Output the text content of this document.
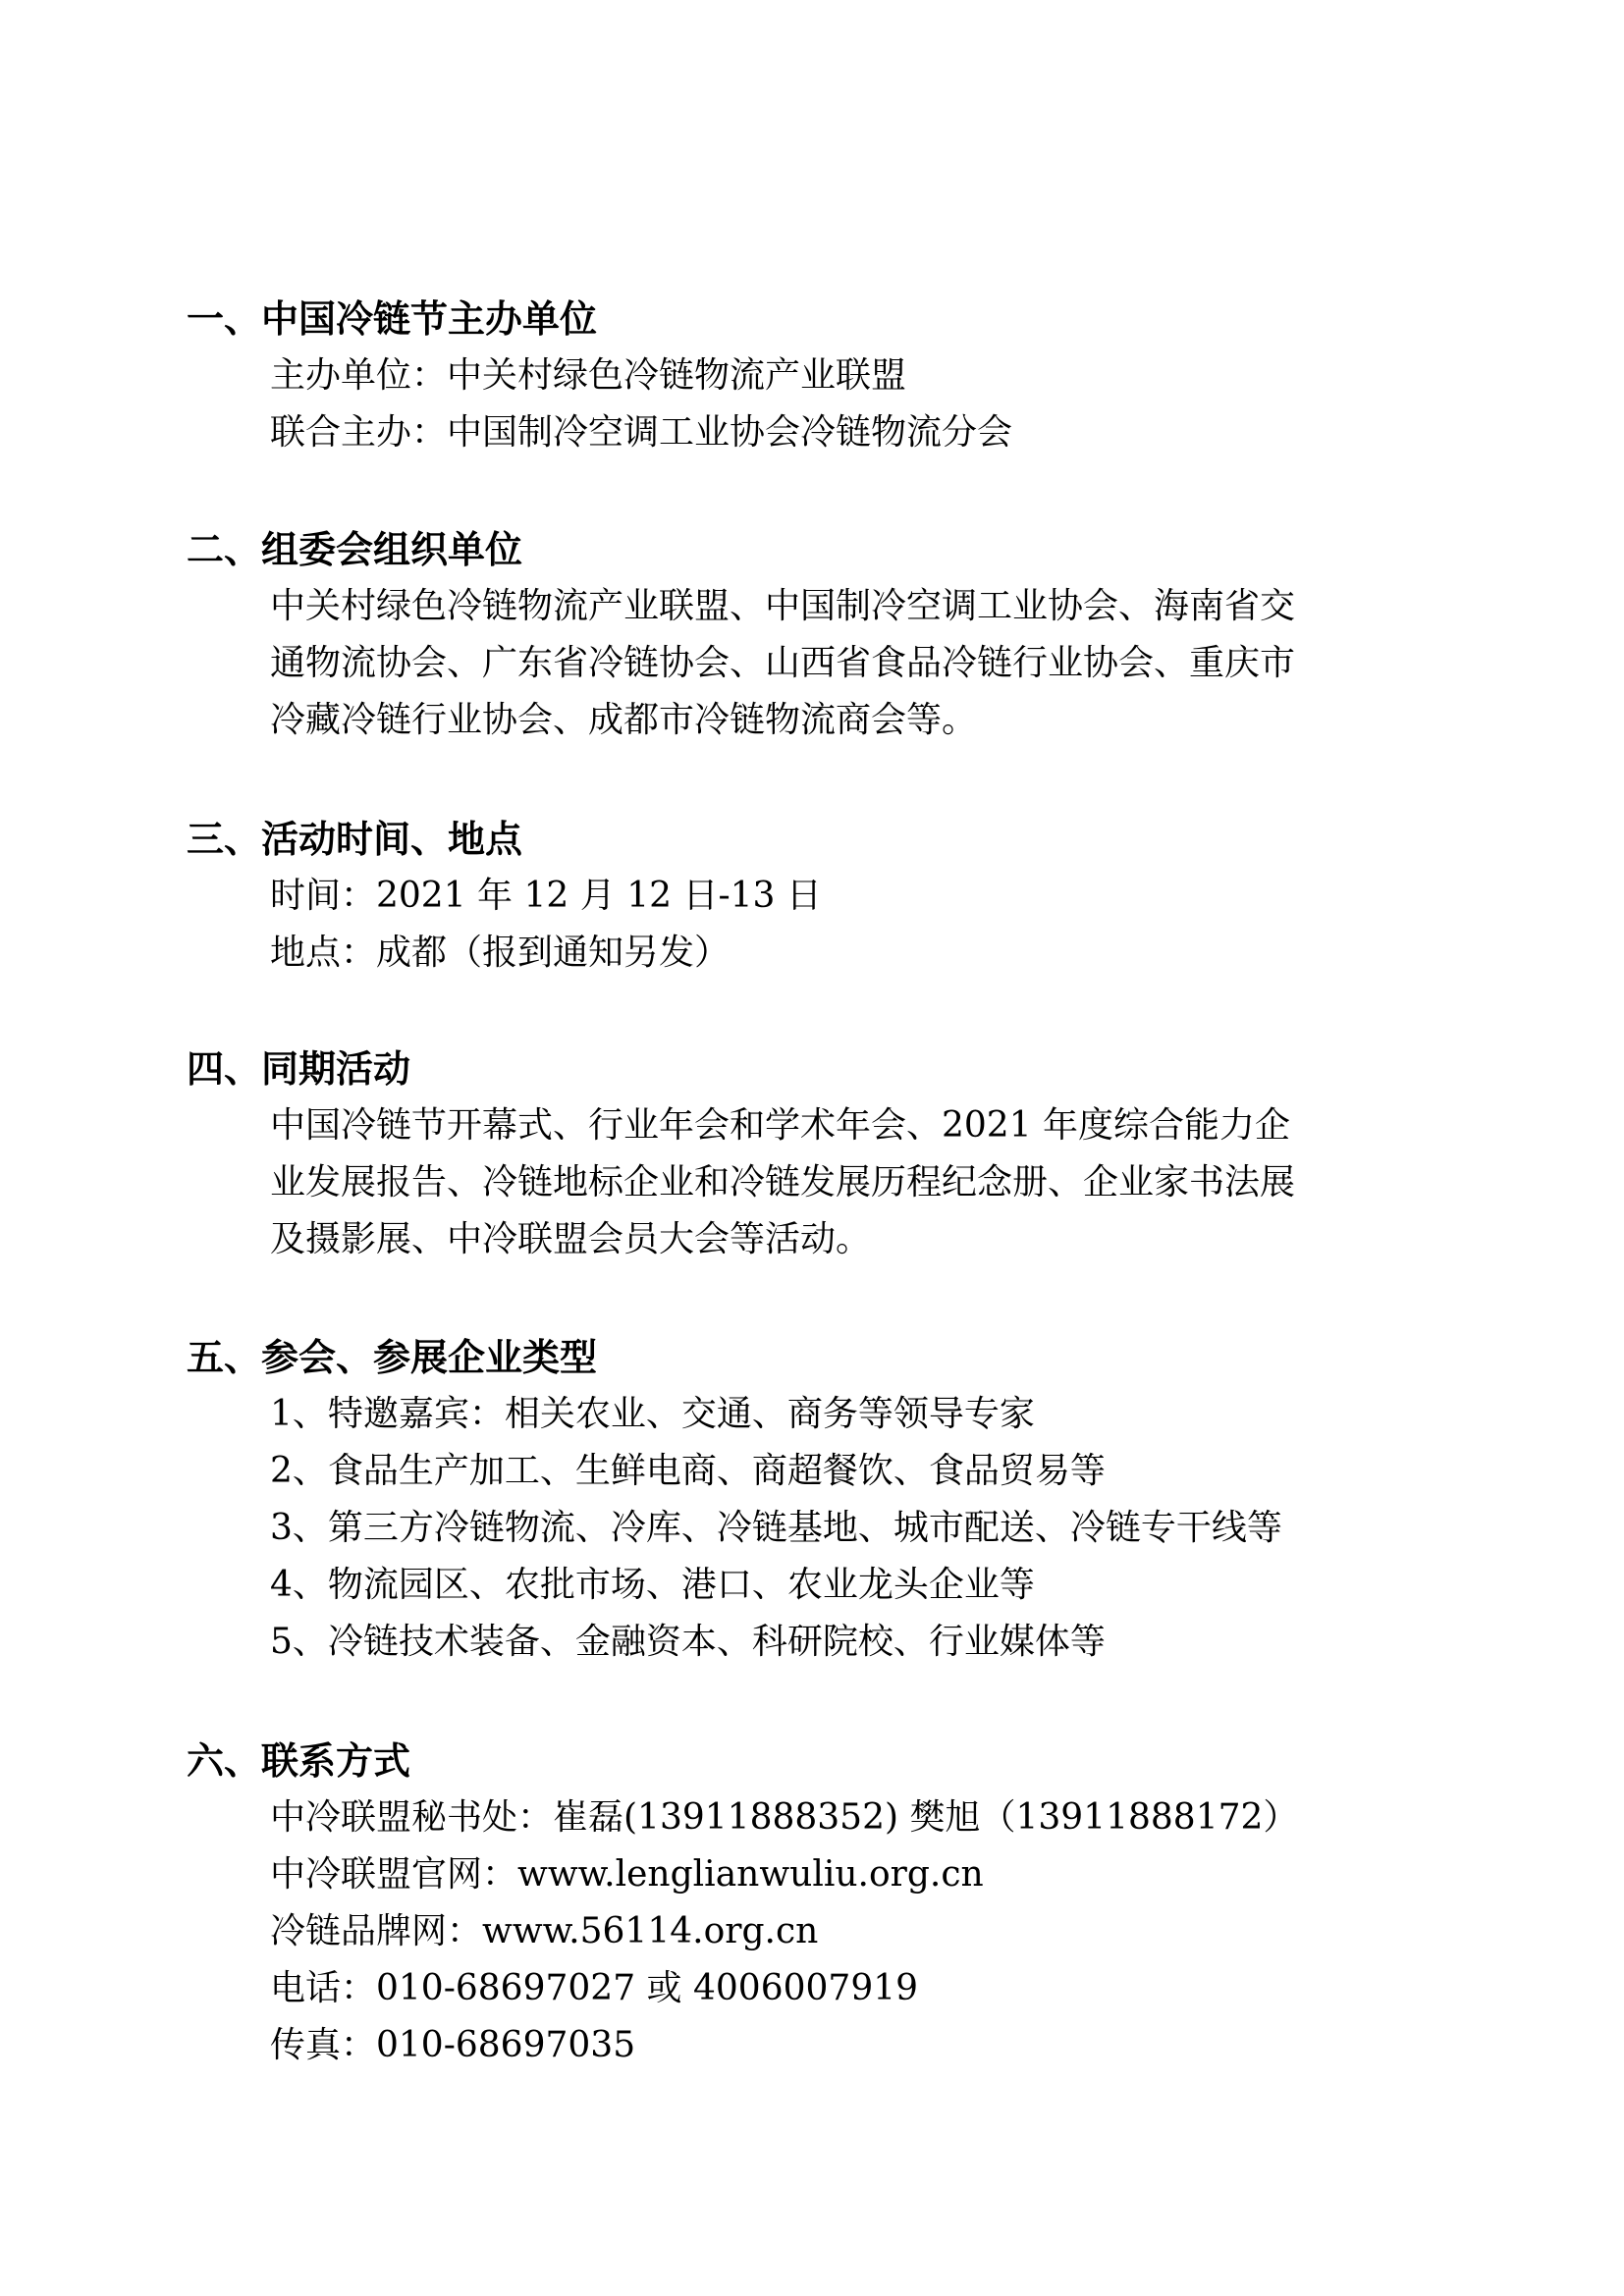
一、中国冷链节主办单位

主办单位：中关村绿色冷链物流产业联盟

联合主办：中国制冷空调工业协会冷链物流分会

二、组委会组织单位

中关村绿色冷链物流产业联盟、中国制冷空调工业协会、海南省交

通物流协会、广东省冷链协会、山西省食品冷链行业协会、重庆市

冷藏冷链行业协会、成都市冷链物流商会等。

三、活动时间、地点

时间：2021 年 12 月 12 日-13 日

地点：成都（报到通知另发）

四、同期活动

中国冷链节开幕式、行业年会和学术年会、2021 年度综合能力企

业发展报告、冷链地标企业和冷链发展历程纪念册、企业家书法展

及摄影展、中冷联盟会员大会等活动。

五、参会、参展企业类型

1、特邀嘉宾：相关农业、交通、商务等领导专家

2、食品生产加工、生鲜电商、商超餐饮、食品贸易等

3、第三方冷链物流、冷库、冷链基地、城市配送、冷链专干线等

4、物流园区、农批市场、港口、农业龙头企业等

5、冷链技术装备、金融资本、科研院校、行业媒体等

六、联系方式

中冷联盟秘书处：崔磊(13911888352) 樊旭（13911888172）

中冷联盟官网：www.lenglianwuliu.org.cn

冷链品牌网：www.56114.org.cn

电话：010-68697027 或 4006007919

传真：010-68697035
